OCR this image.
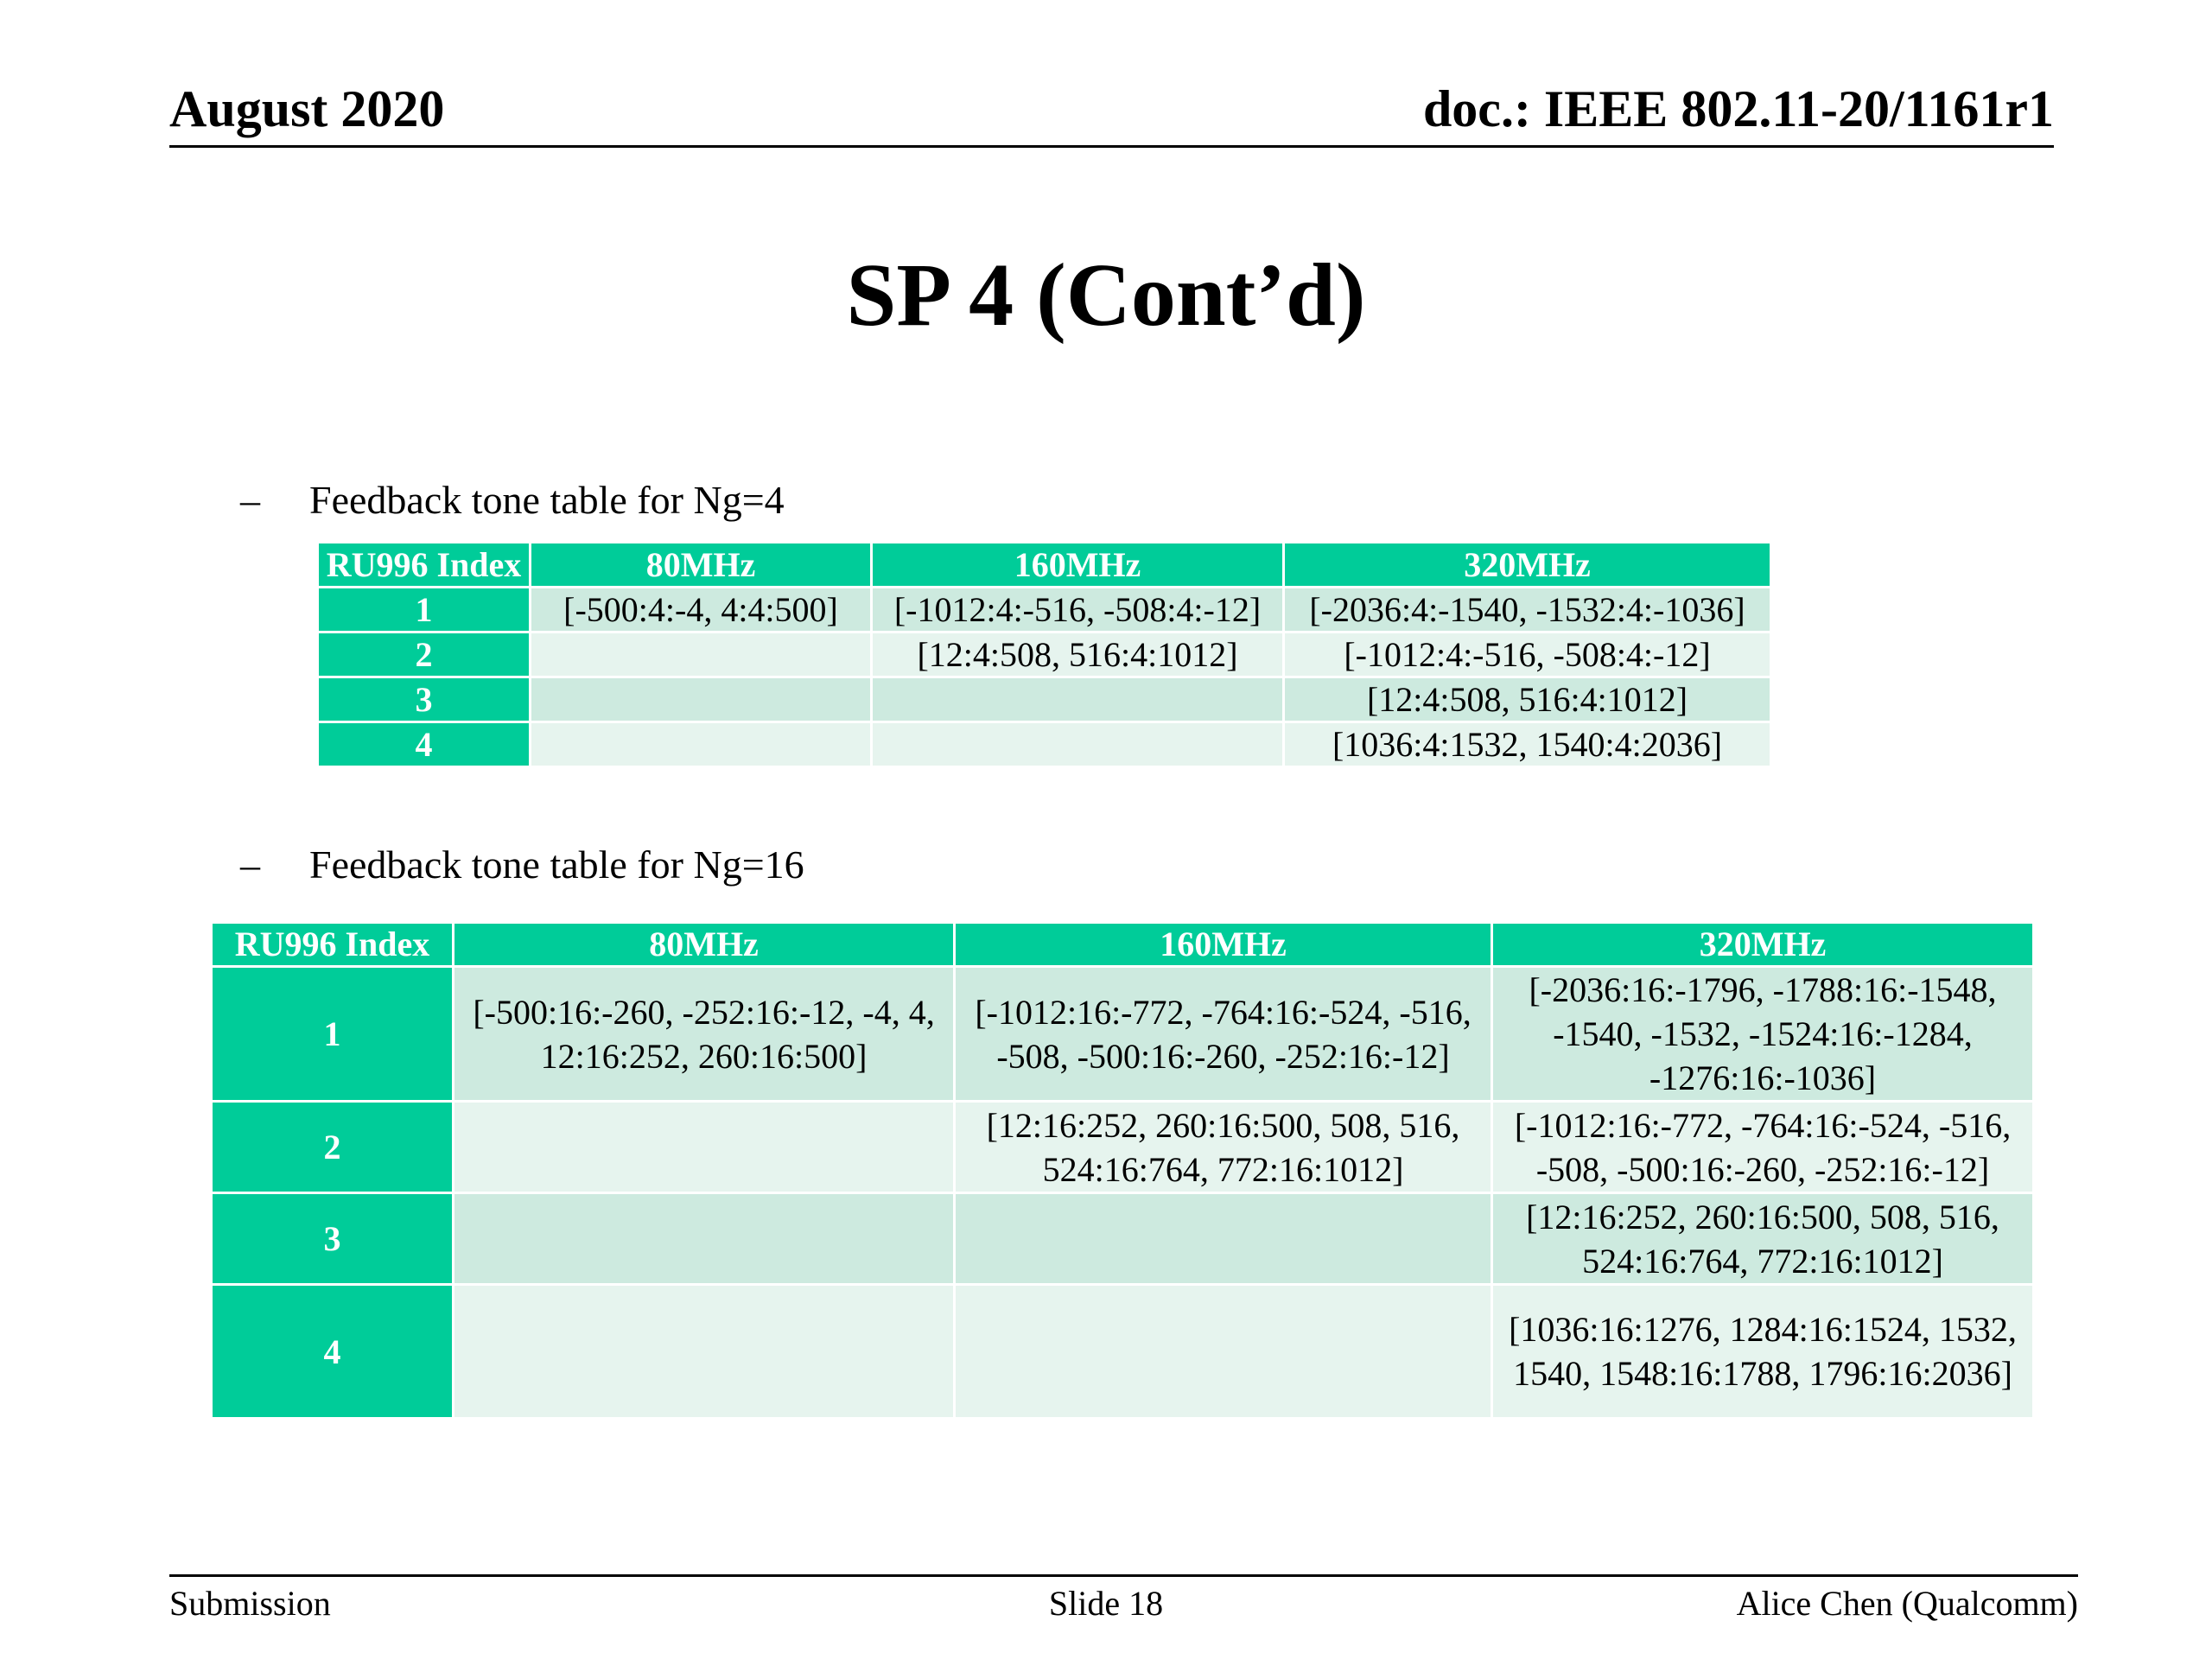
August 2020	doc.: IEEE 802.11-20/1161r1
SP 4 (Cont’d)
– Feedback tone table for Ng=4
RU996 Index	80MHz	160MHz	320MHz
1	[-500:4:-4, 4:4:500]	[-1012:4:-516, -508:4:-12]	[-2036:4:-1540, -1532:4:-1036]
2		[12:4:508, 516:4:1012]	[-1012:4:-516, -508:4:-12]
3			[12:4:508, 516:4:1012]
4			[1036:4:1532, 1540:4:2036]
– Feedback tone table for Ng=16
RU996 Index	80MHz	160MHz	320MHz
1	[-500:16:-260, -252:16:-12, -4, 4, 12:16:252, 260:16:500]	[-1012:16:-772, -764:16:-524, -516, -508, -500:16:-260, -252:16:-12]	[-2036:16:-1796, -1788:16:-1548, -1540, -1532, -1524:16:-1284, -1276:16:-1036]
2		[12:16:252, 260:16:500, 508, 516, 524:16:764, 772:16:1012]	[-1012:16:-772, -764:16:-524, -516, -508, -500:16:-260, -252:16:-12]
3			[12:16:252, 260:16:500, 508, 516, 524:16:764, 772:16:1012]
4			[1036:16:1276, 1284:16:1524, 1532, 1540, 1548:16:1788, 1796:16:2036]
Submission	Slide 18	Alice Chen (Qualcomm)
